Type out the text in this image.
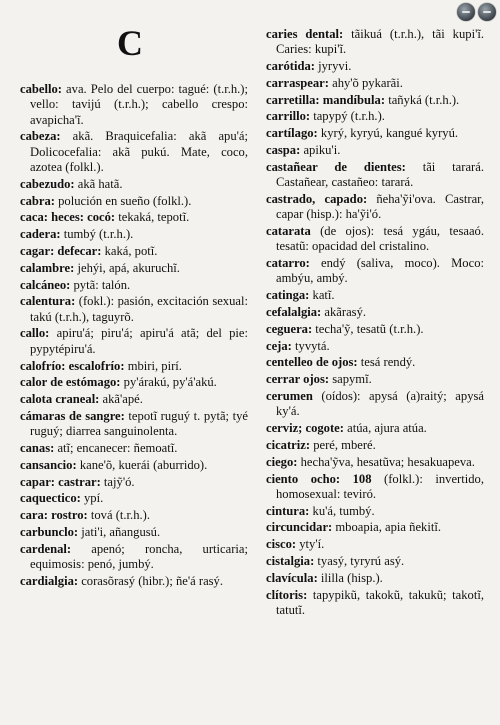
C

cabello: ava. Pelo del cuerpo: tagué: (t.r.h.); vello: tavijú (t.r.h.); cabello crespo: avapicha'ĩ.

cabeza: akã. Braquicefalia: akã apu'á; Dolicocefalia: akã pukú. Mate, coco, azotea (folkl.).

cabezudo: akã hatã.

cabra: polución en sueño (folkl.).

caca: heces: cocó: tekaká, tepotĩ.

cadera: tumbý (t.r.h.).

cagar: defecar: kaká, potĩ.

calambre: jehýi, apá, akuruchĩ.

calcáneo: pytã: talón.

calentura: (fokl.): pasión, excitación sexual: takú (t.r.h.), taguyrõ.

callo: apiru'á; piru'á; apiru'á atã; del pie: pypytépiru'á.

calofrío: escalofrío: mbiri, pirí.

calor de estómago: py'árakú, py'á'akú.

calota craneal: akã'apé.

cámaras de sangre: tepotĩ ruguý t. pytã; tyé ruguý; diarrea sanguinolenta.

canas: atĩ; encanecer: ñemoatĩ.

cansancio: kane'õ, kuerái (aburrido).

capar: castrar: tajỹ'ó.

caquectico: ypí.

cara: rostro: tová (t.r.h.).

carbunclo: jati'i, añangusú.

cardenal: apenó; roncha, urticaria; equimosis: penó, jumbý.

cardialgia: corasõrasý (hibr.); ñe'á rasý.

caries dental: tãikuá (t.r.h.), tãi kupi'ĩ. Caries: kupi'ĩ.

carótida: jyryvi.

carraspear: ahy'õ pykarãi.

carretilla: mandíbula: tañyká (t.r.h.).

carrillo: tapypý (t.r.h.).

cartílago: kyrý, kyryú, kangué kyryú.

caspa: apiku'i.

castañear de dientes: tãi tarará. Castañear, castañeo: tarará.

castrado, capado: ñeha'ỹi'ova. Castrar, capar (hisp.): ha'ỹi'ó.

catarata (de ojos): tesá ygáu, tesaaó. tesatũ: opacidad del cristalino.

catarro: endý (saliva, moco). Moco: ambýu, ambý.

catinga: katĩ.

cefalalgia: akãrasý.

ceguera: techa'ỹ, tesatũ (t.r.h.).

ceja: tyvytá.

centelleo de ojos: tesá rendý.

cerrar ojos: sapymĩ.

cerumen (oídos): apysá (a)raitý; apysá ky'á.

cerviz; cogote: atúa, ajura atúa.

cicatriz: peré, mberé.

ciego: hecha'ỹva, hesatũva; hesakuapeva.

ciento ocho: 108 (folkl.): invertido, homosexual: teviró.

cintura: ku'á, tumbý.

circuncidar: mboapia, apia ñekitĩ.

cisco: yty'í.

cistalgia: tyasý, tyryrú asý.

clavícula: ililla (hisp.).

clítoris: tapypikũ, takokũ, takukũ; takotĩ, tatutĩ.
